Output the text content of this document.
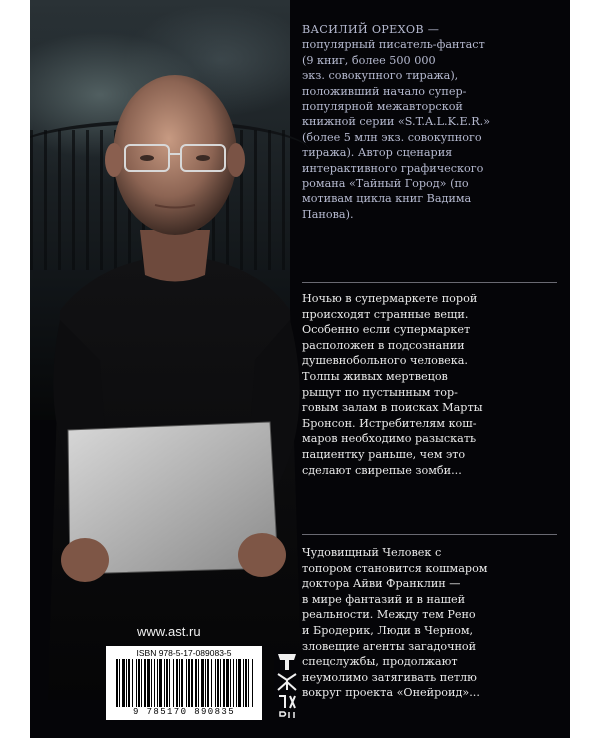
ВАСИЛИЙ ОРЕХОВ —
популярный писатель-фантаст
(9 книг, более 500 000
экз. совокупного тиража),
положивший начало супер-
популярной межавторской
книжной серии «S.T.A.L.K.E.R.»
(более 5 млн экз. совокупного
тиража). Автор сценария
интерактивного графического
романа «Тайный Город» (по
мотивам цикла книг Вадима
Панова).

Ночью в супермаркете порой
происходят странные вещи.
Особенно если супермаркет
расположен в подсознании
душевнобольного человека.
Толпы живых мертвецов
рыщут по пустынным тор-
говым залам в поисках Марты
Бронсон. Истребителям кош-
маров необходимо разыскать
пациентку раньше, чем это
сделают свирепые зомби...

Чудовищный Человек с
топором становится кошмаром
доктора Айви Франклин —
в мире фантазий и в нашей
реальности. Между тем Рено
и Бродерик, Люди в Черном,
зловещие агенты загадочной
спецслужбы, продолжают
неумолимо затягивать петлю
вокруг проекта «Онейроид»...

www.ast.ru
ISBN 978-5-17-089083-5
9 785170 890835
